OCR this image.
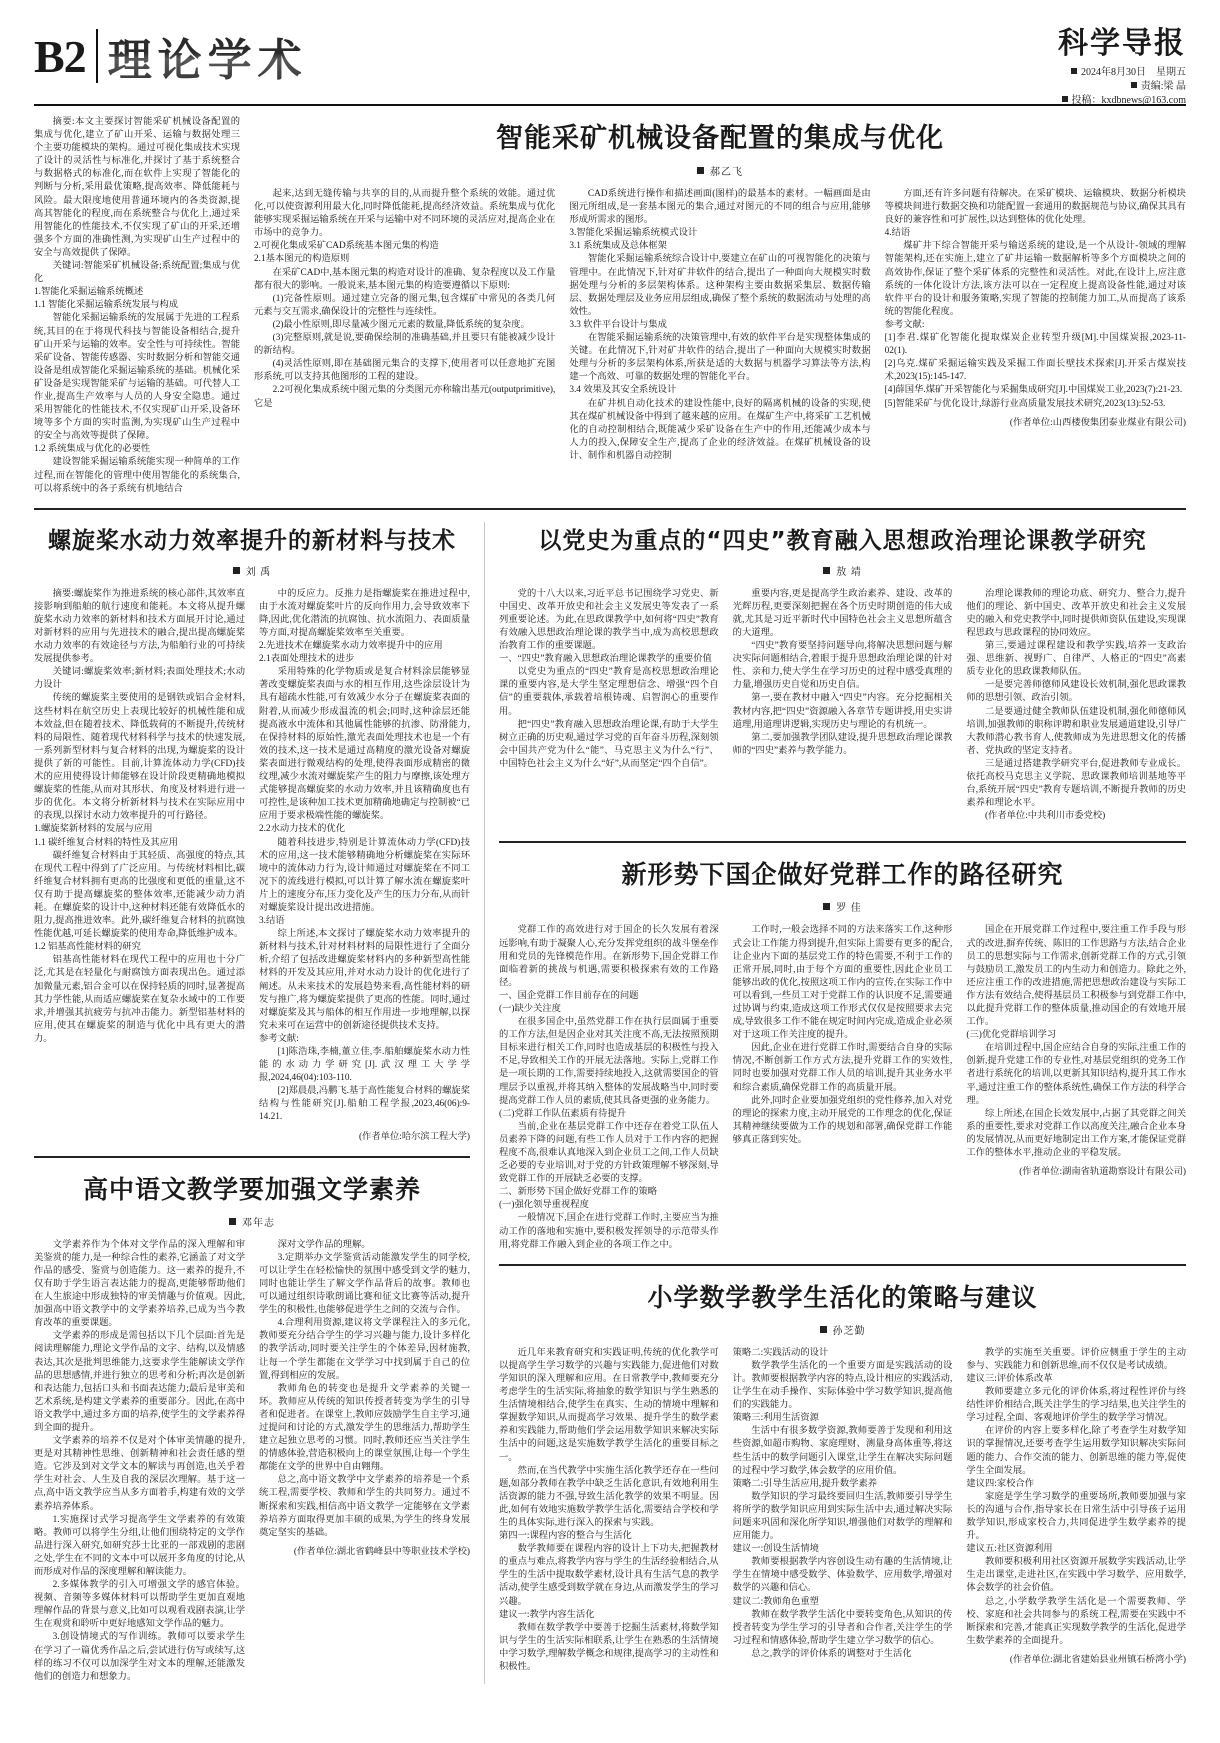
B2 理论学术	科学导报
2024年8月30日　星期五
责编:梁 晶
投稿：kxdbnews@163.com

摘要:本文主要探讨智能采矿机械设备配置的集成与优化,建立了矿山开采、运输与数据处理三个主要功能模块的架构。通过可视化集成技术实现了设计的灵活性与标准化,并探讨了基于系统整合与数据格式的标准化,而在软件上实现了智能化的判断与分析,采用最优策略,提高效率、降低能耗与风险。最大限度地使用普通环境内的各类资源,提高其智能化的程度,而在系统整合与优化上,通过采用智能化的性能技术,不仅实现了矿山的开采,还增强多个方面的准确性测,为实现矿山生产过程中的安全与高效提供了保障。

关键词:智能采矿机械设备;系统配置;集成与优化

1.智能化采掘运输系统概述

1.1 智能化采掘运输系统发展与构成

智能化采掘运输系统的发展属于先进的工程系统,其目的在于将现代科技与智能设备相结合,提升矿山开采与运输的效率。安全性与可持续性。智能采矿设备、智能传感器、实时数据分析和智能交通设备是组成智能化采掘运输系统的基础。机械化采矿设备是实现智能采矿与运输的基础。可代替人工作业,提高生产效率与人员的人身安全隐患。通过采用智能化的性能技术,不仅实现矿山开采,设备环境等多个方面的实时监测,为实现矿山生产过程中的安全与高效等提供了保障。

1.2 系统集成与优化的必要性

建设智能采掘运输系统能实现一种简单的工作过程,而在智能化的管理中使用智能化的系统集合,可以将系统中的各子系统有机地结合

智能采矿机械设备配置的集成与优化
郝乙飞

起来,达到无缝传输与共享的目的,从而提升整个系统的效能。通过优化,可以使资源利用最大化,同时降低能耗,提高经济效益。系统集成与优化能够实现采掘运输系统在开采与运输中对不同环境的灵活应对,提高企业在市场中的竞争力。

2.可视化集成采矿CAD系统基本图元集的构造

2.1基本图元的构造原则

在采矿CAD中,基本图元集的构造对设计的准确、复杂程度以及工作量都有很大的影响。一般说来,基本图元集的构造要遵循以下原则:

(1)完备性原则。通过建立完备的图元集,包含煤矿中常见的各类几何元素与交互需求,确保设计的完整性与连续性。

(2)最小性原则,即尽量减少图元元素的数量,降低系统的复杂度。

(3)完整原则,就是说,要确保绘制的准确基础,并且要只有能被减少设计的新结构。

(4)灵活性原则,即在基础图元集合的支撑下,使用者可以任意地扩充图形系统,可以支持其他图形的工程的建设。

2.2可视化集成系统中图元集的分类图元亦称输出基元(outputprimitive),它是

CAD系统进行操作和描述画面(图样)的最基本的素材。一幅画面是由图元所组成,是一套基本图元的集合,通过对图元的不同的组合与应用,能够形成所需求的图形。

3.智能化采掘运输系统模式设计

3.1 系统集成及总体框架

智能化采掘运输系统综合设计中,要建立在矿山的可视智能化的决策与管理中。在此情况下,针对矿井软件的结合,提出了一种面向大规模实时数据处理与分析的多层架构体系。这种架构主要由数据采集层、数据传输层、数据处理层及业务应用层组成,确保了整个系统的数据流动与处理的高效性。

3.3 软件平台设计与集成

在智能采掘运输系统的决策管理中,有效的软件平台是实现整体集成的关键。在此情况下,针对矿井软件的结合,提出了一种面向大规模实时数据处理与分析的多层架构体系,所获是适的大数据与机器学习算法等方法,构建一个高效、可靠的数据处理的智能化平台。

3.4 效果及其安全系统设计

在矿井机自动化技术的建设性能中,良好的隔离机械的设备的实现,使其在煤矿机械设备中得到了越来越的应用。在煤矿生产中,将采矿工艺机械化的自动控制相结合,既能减少采矿设备在生产中的作用,还能减少成本与人力的投入,保障安全生产,提高了企业的经济效益。在煤矿机械设备的设计、制作和机器自动控制

方面,还有许多问题有待解决。在采矿模块、运输模块、数据分析模块等模块间进行数据交换和功能配置一套通用的数据规范与协议,确保其具有良好的兼容性和可扩展性,以达到整体的优化处理。

4.结语

煤矿井下综合智能开采与输送系统的建设,是一个从设计-领域的理解智能架构,还在实施上,建立了矿井运输一数据解析等多个方面模块之间的高效协作,保证了整个采矿体系的完整性和灵活性。对此,在设计上,应注意系统的一体化设计方法,该方法可以在一定程度上提高设备性能,通过对该软件平台的设计和服务策略,实现了智能的控制能力加工,从而提高了该系统的智能化程度。

参考文献:

[1]李君.煤矿化智能化提取煤炭企业转型升级[M].中国煤炭报,2023-11-02(1).

[2]乌克.煤矿采掘运输实践及采掘工作面长壁技术探索[J].开采古煤炭技术,2023(15):145-147.

[4]薛国华.煤矿开采智能化与采掘集成研究[J].中国煤炭工业,2023(7):21-23.

[5]智能采矿与优化设计,绿游行业高质量发展技术研究,2023(13):52-53.

(作者单位:山西楼俊集团泰业煤业有限公司)
螺旋桨水动力效率提升的新材料与技术
刘 禹

摘要:螺旋桨作为推进系统的核心部件,其效率直接影响到船舶的航行速度和能耗。本文将从提升螺旋桨水动力效率的新材料和技术方面展开讨论,通过对新材料的应用与先进技术的融合,提出提高螺旋桨水动力效率的有效途径与方法,为船舶行业的可持续发展提供参考。

关键词:螺旋桨效率;新材料;表面处理技术;水动力设计

传统的螺旋桨主要使用的是钢铁或铝合金材料,这些材料在航空历史上表现比较好的机械性能和成本效益,但在随着技术、降低载荷的不断提升,传统材料的局限性、随着现代材料科学与技术的快速发展,一系列新型材料与复合材料的出现,为螺旋桨的设计提供了新的可能性。目前,计算流体动力学(CFD)技术的应用使得设计师能够在设计阶段更精确地模拟螺旋桨的性能,从而对其形状、角度及材料进行进一步的优化。本文将分析新材料与技术在实际应用中的表现,以探讨水动力效率提升的可行路径。

1.螺旋桨新材料的发展与应用

1.1 碳纤维复合材料的特性及其应用

碳纤维复合材料由于其轻质、高强度的特点,其在现代工程中得到了广泛应用。与传统材料相比,碳纤维复合材料拥有更高的比强度和更低的重量,这不仅有助于提高螺旋桨的整体效率,还能减少动力消耗。在螺旋桨的设计中,这种材料还能有效降低水的阻力,提高推进效率。此外,碳纤维复合材料的抗腐蚀性能优越,可延长螺旋桨的使用寿命,降低维护成本。

1.2 铝基高性能材料的研究

铝基高性能材料在现代工程中的应用也十分广泛,尤其是在轻量化与耐腐蚀方面表现出色。通过添加微量元素,铝合金可以在保持轻质的同时,显著提高其力学性能,从而适应螺旋桨在复杂水域中的工作要求,并增强其抗疲劳与抗冲击能力。新型铝基材料的应用,使其在螺旋桨的制造与优化中具有更大的潜力。

中的反应力。反推力是指螺旋桨在推进过程中,由于水流对螺旋桨叶片的反向作用力,会导致效率下降,因此,优化潜流的抗腐蚀、抗水流阻力、表面质量等方面,对提高螺旋桨效率至关重要。

2.先进技术在螺旋桨水动力效率提升中的应用

2.1表面处理技术的进步

采用特殊的化学物质或是复合材料涂层能够显著改变螺旋桨表面与水的相互作用,这些涂层设计为具有超疏水性能,可有效减少水分子在螺旋桨表面的附着,从而减少形成温流的机会;同时,这种涂层还能提高液水中流体和其他属性能够的抗渗、防滑能力,在保持材料的原始性,激光表面处理技术也是一个有效的技术,这一技术是通过高精度的激光设备对螺旋桨表面进行微观结构的处理,使得表面形成精密的微纹理,减少水流对螺旋桨产生的阻力与摩擦,该处理方式能够提高螺旋桨的水动力效率,并且该精确度也有可控性,是该种加工技术更加精确地确定与控制被“已应用于要求极端性能的螺旋桨。

2.2水动力技术的优化

随着科技进步,特别是计算流体动力学(CFD)技术的应用,这一技术能够精确地分析螺旋桨在实际环境中的流体动力行为,设计师通过对螺旋桨在不同工况下的流线进行模拟,可以计算了解水流在螺旋桨叶片上的速度分布,压力变化及产生的压力分布,从而针对螺旋桨设计提出改进措施。

3.结语

综上所述,本文探讨了螺旋桨水动力效率提升的新材料与技术,针对材料材料的局限性进行了全面分析,介绍了包括改进螺旋桨材料内的多种新型高性能材料的开发及其应用,并对水动力设计的优化进行了阐述。从未来技术的发展趋势来看,高性能材料的研发与推广,将为螺旋桨提供了更高的性能。同时,通过对螺旋桨及其与船体的相互作用进一步地理解,以探究未来可在运营中的创新途径提供技术支持。

参考文献:

[1]陈浩珠,李楠,董立佳,李.船舶螺旋桨水动力性能的水动力学研究[J].武汉理工大学学报,2024,46(04):103-110.

[2]郑晨晨,冯鹏飞.基于高性能复合材料的螺旋桨结构与性能研究[J].船舶工程学报,2023,46(06):9-14.21.

(作者单位:哈尔滨工程大学)
高中语文教学要加强文学素养
邓年志

文学素养作为个体对文学作品的深入理解和审美鉴赏的能力,是一种综合性的素养,它涵盖了对文学作品的感受、鉴赏与创造能力。这一素养的提升,不仅有助于学生语言表达能力的提高,更能够帮助他们在人生旅途中形成独特的审美情趣与价值观。因此,加强高中语文教学中的文学素养培养,已成为当今教育改革的重要课题。

文学素养的形成是需包括以下几个层面:首先是阅读理解能力,理论文学作品的文字、结构,以及情感表达,其次是批判思维能力,这要求学生能解读文学作品的思想感情,并进行独立的思考和分析;再次是创新和表达能力,包括口头和书面表达能力;最后是审美和艺术系统,是构建文学素养的重要部分。因此,在高中语文教学中,通过多方面的培养,使学生的文学素养得到全面的提升。

文学素养的培养不仅是对个体审美情趣的提升,更是对其精神性思维、创新精神和社会责任感的塑造。它涉及到对文学文本的解读与再创造,也关乎着学生对社会、人生及自我的深层次理解。基于这一点,高中语文教学应当从多方面着手,构建有效的文学素养培养体系。

1.实施探讨式学习提高学生文学素养的有效策略。教师可以将学生分组,让他们围绕特定的文学作品进行深入研究,如研究莎士比亚的一部戏剧的悲剧之处,学生在不同的文本中可以展开多角度的讨论,从而形成对作品的深度理解和解读能力。

2.多媒体教学的引入可增强文学的感官体验。视频、音频等多媒体材料可以帮助学生更加直观地理解作品的背景与意义,比如可以观看戏剧表演,让学生在观赏和聆听中更好地感知文学作品的魅力。

3.创设情境式的写作训练。教师可以要求学生在学习了一篇优秀作品之后,尝试进行仿写或续写,这样的练习不仅可以加深学生对文本的理解,还能激发他们的创造力和想象力。

深对文学作品的理解。

3.定期举办文学鉴赏活动能激发学生的同学校,可以让学生在轻松愉快的氛围中感受到文学的魅力,同时也能让学生了解文学作品背后的故事。教师也可以通过组织诗歌朗诵比赛和征文比赛等活动,提升学生的积极性,也能够促进学生之间的交流与合作。

4.合理利用资源,建议将文学课程注入的多元化,教师要充分结合学生的学习兴趣与能力,设计多样化的教学活动,同时要关注学生的个体差异,因材施教,让每一个学生都能在文学学习中找到属于自己的位置,得到相应的发展。

教师角色的转变也是提升文学素养的关键一环。教师应从传统的知识传授者转变为学生的引导者和促进者。在课堂上,教师应鼓励学生自主学习,通过提问和讨论的方式,激发学生的思维活力,帮助学生建立起独立思考的习惯。同时,教师还应当关注学生的情感体验,营造积极向上的课堂氛围,让每一个学生都能在文学的世界中自由翱翔。

总之,高中语文教学中文学素养的培养是一个系统工程,需要学校、教师和学生的共同努力。通过不断探索和实践,相信高中语文教学一定能够在文学素养培养方面取得更加丰硕的成果,为学生的终身发展奠定坚实的基础。

(作者单位:湖北省鹤峰县中等职业技术学校)
以党史为重点的“四史”教育融入思想政治理论课教学研究
敖 靖

党的十八大以来,习近平总书记围绕学习党史、新中国史、改革开放史和社会主义发展史等发表了一系列重要论述。为此,在思政课教学中,如何将“四史”教育有效融入思想政治理论课的教学当中,成为高校思想政治教育工作的重要课题。

一、“四史”教育融入思想政治理论课教学的重要价值

以党史为重点的“四史”教育是高校思想政治理论课的重要内容,是大学生坚定理想信念、增强“四个自信”的重要载体,承载着培根铸魂、启智润心的重要作用。

把“四史”教育融入思想政治理论课,有助于大学生树立正确的历史观,通过学习党的百年奋斗历程,深刻领会中国共产党为什么“能”、马克思主义为什么“行”、中国特色社会主义为什么“好”,从而坚定“四个自信”。

重要内容,更是提高学生政治素养、建设、改革的光辉历程,更要深刻把握在各个历史时期创造的伟大成就,尤其是习近平新时代中国特色社会主义思想所蕴含的大道理。

“四史”教育要坚持问题导向,将解决思想问题与解决实际问题相结合,着眼于提升思想政治理论课的针对性、亲和力,使大学生在学习历史的过程中感受真理的力量,增强历史自觉和历史自信。

第一,要在教材中融入“四史”内容。充分挖掘相关教材内容,把“四史”资源融入各章节专题讲授,用史实讲道理,用道理讲逻辑,实现历史与理论的有机统一。

第二,要加强教学团队建设,提升思想政治理论课教师的“四史”素养与教学能力。

治理论课教师的理论功底、研究力、整合力,提升他们的理论、新中国史、改革开放史和社会主义发展史的融入和党史教学中,同时提供师资队伍建设,实现课程思政与思政课程的协同效应。

第三,要通过课程建设和教学实践,培养一支政治强、思维新、视野广、自律严、人格正的“四史”高素质专业化的思政课教师队伍。

一是要完善师德师风建设长效机制,强化思政课教师的思想引领、政治引领。

二是要通过健全教师队伍建设机制,强化师德师风培训,加强教师的职称评聘和职业发展通道建设,引导广大教师潜心教书育人,使教师成为先进思想文化的传播者、党执政的坚定支持者。

三是通过搭建教学研究平台,促进教师专业成长。依托高校马克思主义学院、思政课教师培训基地等平台,系统开展“四史”教育专题培训,不断提升教师的历史素养和理论水平。

(作者单位:中共利川市委党校)

新形势下国企做好党群工作的路径研究
罗 佳

党群工作的高效进行对于国企的长久发展有着深远影响,有助于凝聚人心,充分发挥党组织的战斗堡垒作用和党员的先锋模范作用。在新形势下,国企党群工作面临着新的挑战与机遇,需要积极探索有效的工作路径。

一、国企党群工作目前存在的问题

(一)缺少关注度

在很多国企中,虽然党群工作在执行层面属于重要的工作方法,但是因企业对其关注度不高,无法按照预期目标来进行相关工作,同时也造成基层的积极性与投入不足,导致相关工作的开展无法落地。实际上,党群工作是一项长期的工作,需要持续地投入,这就需要国企的管理层予以重视,并将其纳入整体的发展战略当中,同时要提高党群工作人员的素质,使其具备更强的业务能力。

(二)党群工作队伍素质有待提升

当前,企业在基层党群工作中还存在着党工队伍人员素养下降的问题,有些工作人员对于工作内容的把握程度不高,很难认真地深入到企业员工之间,工作人员缺乏必要的专业培训,对于党的方针政策理解不够深刻,导致党群工作的开展缺乏必要的支撑。

二、新形势下国企做好党群工作的策略

(一)强化领导重视程度

一般情况下,国企在进行党群工作时,主要应当为推动工作的落地和实施中,要积极发挥领导的示范带头作用,将党群工作融入到企业的各项工作之中。

工作时,一般会选择不同的方法来落实工作,这种形式会让工作能力得到提升,但实际上需要有更多的配合,让企业内下面的基层党工作的特色需要,不利于工作的正常开展,同时,由于每个方面的重要性,因此企业员工能够出政的优化,按照这项工作内的宣传,在实际工作中可以看到,一些员工对于党群工作的认识度不足,需要通过协调与约束,造成这项工作形式仅仅是按照要求去完成,导致很多工作不能在规定时间内完成,造成企业必须对于这项工作关注度的提升。

因此,企业在进行党群工作时,需要结合自身的实际情况,不断创新工作方式方法,提升党群工作的实效性,同时也要加强对党群工作人员的培训,提升其业务水平和综合素质,确保党群工作的高质量开展。

此外,同时企业要加强党组织的党性修养,加入对党的理论的探索力度,主动开展党的工作理念的优化,保证其精神继续要做为工作的规划和部署,确保党群工作能够真正落到实处。

国企在开展党群工作过程中,要注重工作手段与形式的改进,摒弃传统、陈旧的工作思路与方法,结合企业员工的思想实际与工作需求,创新党群工作的方式,引领与鼓励员工,激发员工的内生动力和创造力。除此之外,还应注重工作的改进措施,需把思想政治建设与实际工作方法有效结合,使得基层员工积极参与到党群工作中,以此提升党群工作的整体质量,推动国企的有效地开展工作。

(三)优化党群培训学习

在培训过程中,国企应结合自身的实际,注重工作的创新,提升党建工作的专业性,对基层党组织的党务工作者进行系统化的培训,以更新其知识结构,提升其工作水平,通过注重工作的整体系统性,确保工作方法的科学合理。

综上所述,在国企长效发展中,占据了其党群之间关系的重要性,要求对党群工作以高度关注,融合企业本身的发展情况,从而更好地制定出工作方案,才能保证党群工作的整体水平,推动企业的平稳发展。

(作者单位:湖南省轨道勘察设计有限公司)
小学数学教学生活化的策略与建议
孙芝勤

近几年来教育研究和实践证明,传统的优化教学可以提高学生学习数学的兴趣与实践能力,促进他们对数学知识的深入理解和应用。在日常教学中,教师要充分考虑学生的生活实际,将抽象的数学知识与学生熟悉的生活情境相结合,使学生在真实、生动的情境中理解和掌握数学知识,从而提高学习效果、提升学生的数学素养和实践能力,帮助他们学会运用数学知识来解决实际生活中的问题,这是实施数学教学生活化的重要目标之一。

然而,在当代教学中实施生活化教学还存在一些问题,如部分教师在教学中缺乏生活化意识,有效地利用生活资源的能力不强,导致生活化教学的效果不明显。因此,如何有效地实施数学教学生活化,需要结合学校和学生的具体实际,进行深入的探索与实践。

第四一:课程内容的整合与生活化

数学教师要在课程内容的设计上下功夫,把握教材的重点与难点,将教学内容与学生的生活经验相结合,从学生的生活中提取数学素材,设计具有生活气息的教学活动,使学生感受到数学就在身边,从而激发学生的学习兴趣。

建议一:教学内容生活化

教师在数学教学中要善于挖掘生活素材,将数学知识与学生的生活实际相联系,让学生在熟悉的生活情境中学习数学,理解数学概念和规律,提高学习的主动性和积极性。

策略二:实践活动的设计

数学教学生活化的一个重要方面是实践活动的设计。教师要根据教学内容的特点,设计相应的实践活动,让学生在动手操作、实际体验中学习数学知识,提高他们的实践能力。

策略三:利用生活资源

生活中有很多数学资源,教师要善于发现和利用这些资源,如超市购物、家庭理财、测量身高体重等,将这些生活中的数学问题引入课堂,让学生在解决实际问题的过程中学习数学,体会数学的应用价值。

策略二:引导生活应用,提升数学素养

数学知识的学习最终要回归生活,教师要引导学生将所学的数学知识应用到实际生活中去,通过解决实际问题来巩固和深化所学知识,增强他们对数学的理解和应用能力。

建议一:创设生活情境

教师要根据教学内容创设生动有趣的生活情境,让学生在情境中感受数学、体验数学、应用数学,增强对数学的兴趣和信心。

建议二:教师角色重塑

教师在数学教学生活化中要转变角色,从知识的传授者转变为学生学习的引导者和合作者,关注学生的学习过程和情感体验,帮助学生建立学习数学的信心。

总之,教学的评价体系的调整对于生活化

教学的实施至关重要。评价应侧重于学生的主动参与、实践能力和创新思维,而不仅仅是考试成绩。

建议三:评价体系改革

教师要建立多元化的评价体系,将过程性评价与终结性评价相结合,既关注学生的学习结果,也关注学生的学习过程,全面、客观地评价学生的数学学习情况。

在评价的内容上要多样化,除了考查学生对数学知识的掌握情况,还要考查学生运用数学知识解决实际问题的能力、合作交流的能力、创新思维的能力等,促使学生全面发展。

建议四:家校合作

家庭是学生学习数学的重要场所,教师要加强与家长的沟通与合作,指导家长在日常生活中引导孩子运用数学知识,形成家校合力,共同促进学生数学素养的提升。

建议五:社区资源利用

教师要积极利用社区资源开展数学实践活动,让学生走出课堂,走进社区,在实践中学习数学、应用数学,体会数学的社会价值。

总之,小学数学教学生活化是一个需要教师、学校、家庭和社会共同参与的系统工程,需要在实践中不断探索和完善,才能真正实现数学教学的生活化,促进学生数学素养的全面提升。

(作者单位:湖北省建始县业州镇石桥湾小学)
